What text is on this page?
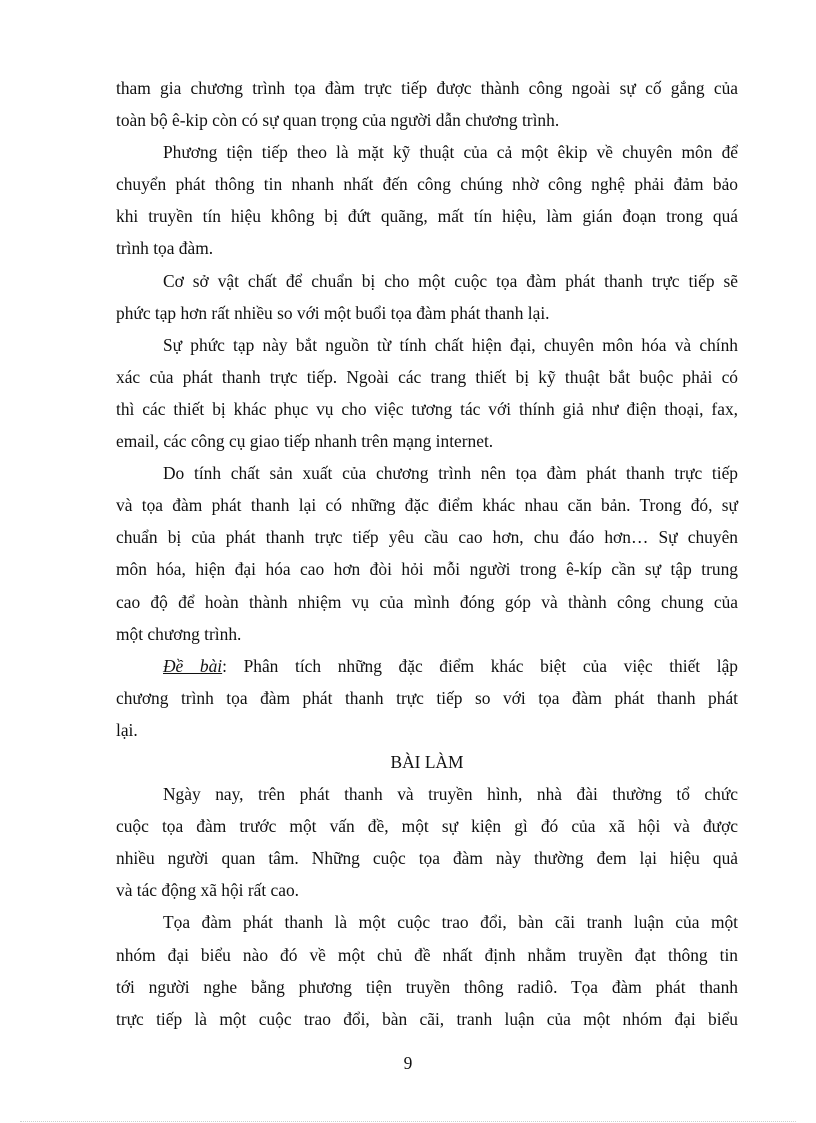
tham gia chương trình tọa đàm trực tiếp được thành công ngoài sự cố gắng của
toàn bộ ê-kip còn có sự quan trọng của người dẫn chương trình.
Phương tiện tiếp theo là mặt kỹ thuật của cả một êkip về chuyên môn để
chuyển phát thông tin nhanh nhất đến công chúng nhờ công nghệ phải đảm bảo
khi truyền tín hiệu không bị đứt quãng, mất tín hiệu, làm gián đoạn trong quá
trình tọa đàm.
Cơ sở vật chất để chuẩn bị cho một cuộc tọa đàm phát thanh trực tiếp sẽ
phức tạp hơn rất nhiều so với một buổi tọa đàm phát thanh lại.
Sự phức tạp này bắt nguồn từ tính chất hiện đại, chuyên môn hóa và chính
xác của phát thanh trực tiếp. Ngoài các trang thiết bị kỹ thuật bắt buộc phải có
thì các thiết bị khác phục vụ cho việc tương tác với thính giả như điện thoại, fax,
email, các công cụ giao tiếp nhanh trên mạng internet.
Do tính chất sản xuất của chương trình nên tọa đàm phát thanh trực tiếp
và tọa đàm phát thanh lại có những đặc điểm khác nhau căn bản. Trong đó, sự
chuẩn bị của phát thanh trực tiếp yêu cầu cao hơn, chu đáo hơn… Sự chuyên
môn hóa, hiện đại hóa cao hơn đòi hỏi mỗi người trong ê-kíp cần sự tập trung
cao độ để hoàn thành nhiệm vụ của mình đóng góp và thành công chung của
một chương trình.
Đề bài: Phân tích những đặc điểm khác biệt của việc thiết lập
chương trình tọa đàm phát thanh trực tiếp so với tọa đàm phát thanh phát
lại.
BÀI LÀM
Ngày nay, trên phát thanh và truyền hình, nhà đài thường tổ chức
cuộc tọa đàm trước một vấn đề, một sự kiện gì đó của xã hội và được
nhiều người quan tâm. Những cuộc tọa đàm này thường đem lại hiệu quả
và tác động xã hội rất cao.
Tọa đàm phát thanh là một cuộc trao đổi, bàn cãi tranh luận của một
nhóm đại biểu nào đó về một chủ đề nhất định nhằm truyền đạt thông tin
tới người nghe bằng phương tiện truyền thông radiô. Tọa đàm phát thanh
trực tiếp là một cuộc trao đổi, bàn cãi, tranh luận của một nhóm đại biểu
9
